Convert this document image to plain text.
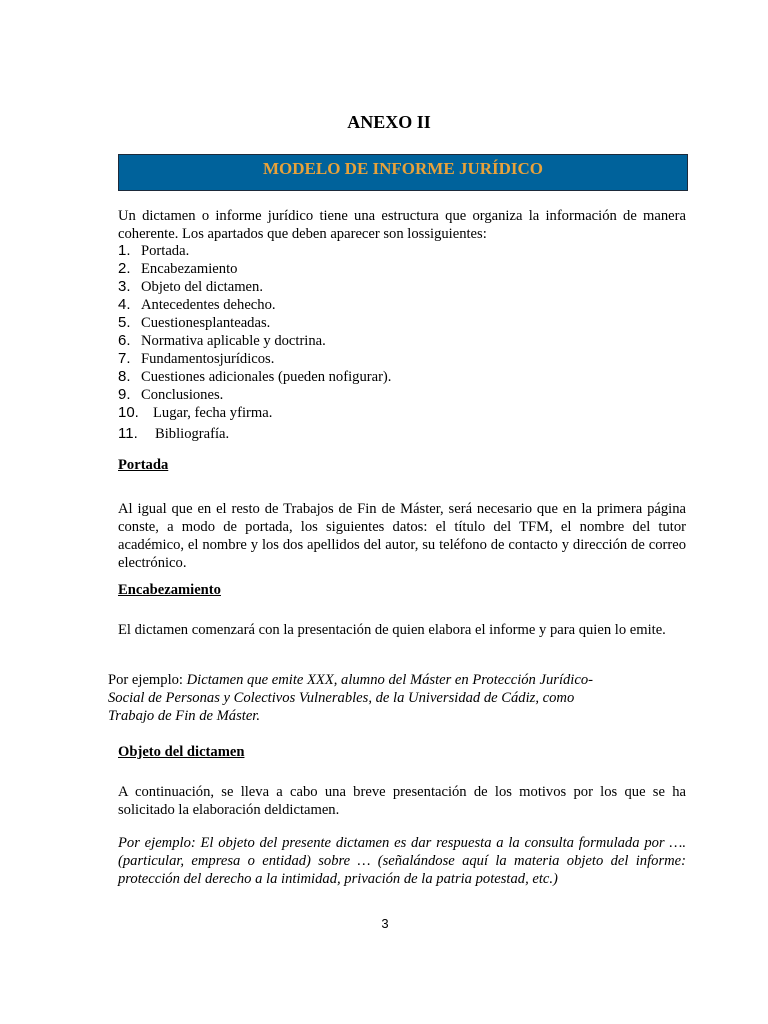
ANEXO II
MODELO DE INFORME JURÍDICO
Un dictamen o informe jurídico tiene una estructura que organiza la información de manera coherente. Los apartados que deben aparecer son lossiguientes:
1. Portada.
2. Encabezamiento
3. Objeto del dictamen.
4. Antecedentes dehecho.
5. Cuestionesplanteadas.
6. Normativa aplicable y doctrina.
7. Fundamentosjurídicos.
8. Cuestiones adicionales (pueden nofigurar).
9. Conclusiones.
10. Lugar, fecha yfirma.
11. Bibliografía.
Portada
Al igual que en el resto de Trabajos de Fin de Máster, será necesario que en la primera página conste, a modo de portada, los siguientes datos: el título del TFM, el nombre del tutor académico, el nombre y los dos apellidos del autor, su teléfono de contacto y dirección de correo electrónico.
Encabezamiento
El dictamen comenzará con la presentación de quien elabora el informe y para quien lo emite.
Por ejemplo: Dictamen que emite XXX, alumno del Máster en Protección Jurídico-
Social de Personas y Colectivos Vulnerables, de la Universidad de Cádiz, como
Trabajo de Fin de Máster.
Objeto del dictamen
A continuación, se lleva a cabo una breve presentación de los motivos por los que se ha solicitado la elaboración deldictamen.
Por ejemplo: El objeto del presente dictamen es dar respuesta a la consulta formulada por …. (particular, empresa o entidad) sobre … (señalándose aquí la materia objeto del informe: protección del derecho a la intimidad, privación de la patria potestad, etc.)
3
